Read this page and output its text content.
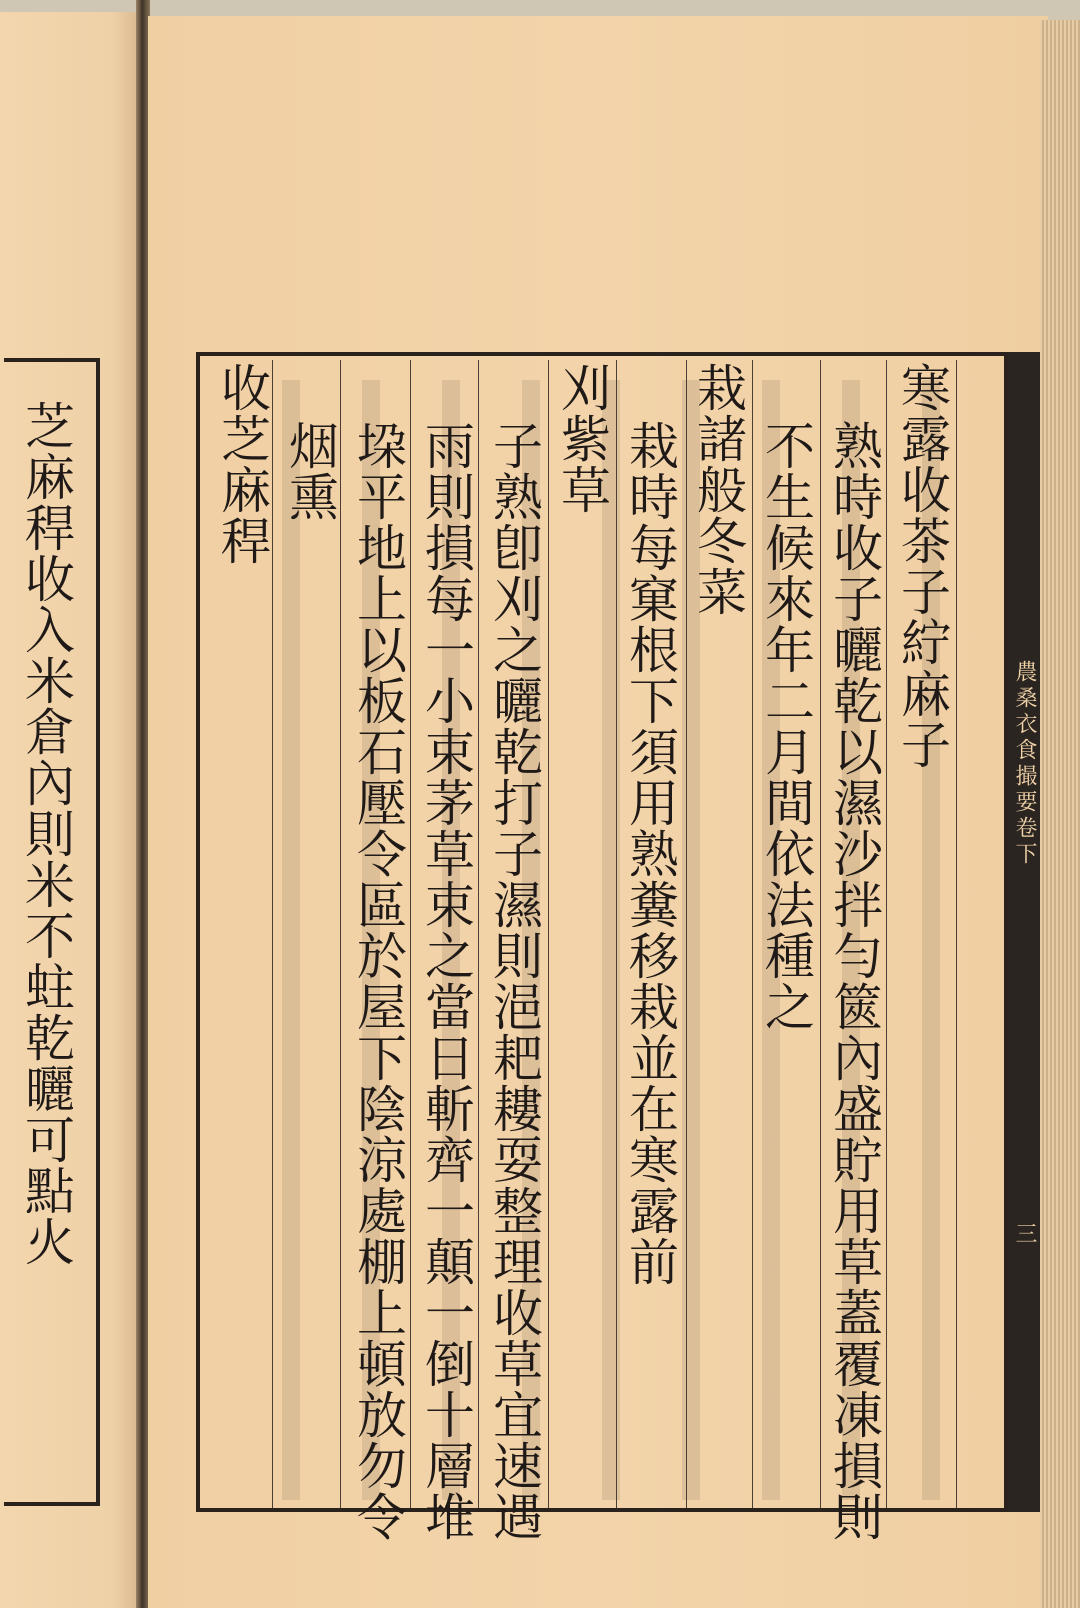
芝麻稈收入米倉內則米不蛀乾曬可點火	農桑衣食撮要卷下
三
寒露收茶子紵麻子
熟時收子曬乾以濕沙拌勻篋內盛貯用草蓋覆凍損則
不生候來年二月間依法種之
栽諸般冬菜
栽時每窠根下須用熟糞移栽並在寒露前
刈紫草
子熟卽刈之曬乾打子濕則浥耙耬耍整理收草宜速遇
雨則損每一小束茅草束之當日斬齊一顛一倒十層堆
垜平地上以板石壓令區於屋下陰涼處棚上頓放勿令
烟熏
收芝麻稈
